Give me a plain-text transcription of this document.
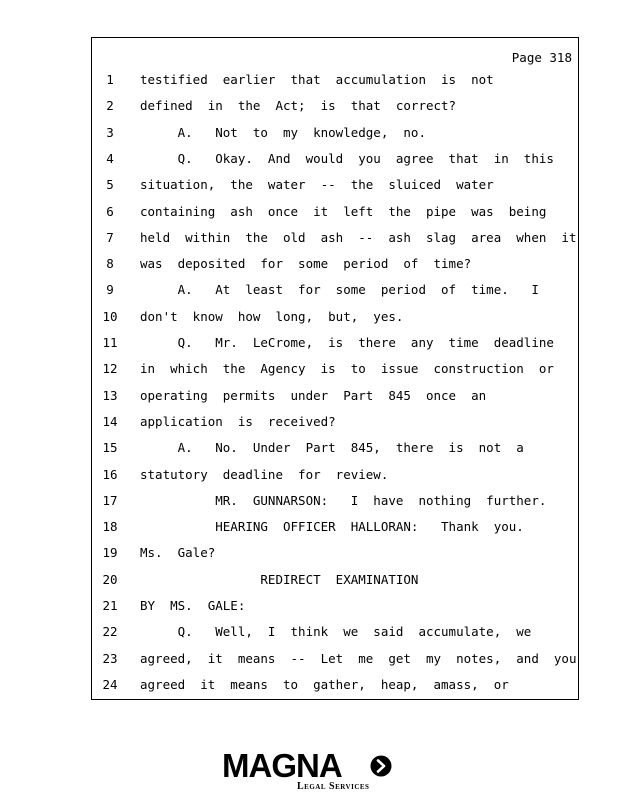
Page 318
1	testified  earlier  that  accumulation  is  not
2	defined  in  the  Act;  is  that  correct?
3	A.   Not  to  my  knowledge,  no.
4	Q.   Okay.  And  would  you  agree  that  in  this
5	situation,  the  water  --  the  sluiced  water
6	containing  ash  once  it  left  the  pipe  was  being
7	held  within  the  old  ash  --  ash  slag  area  when  it
8	was  deposited  for  some  period  of  time?
9	A.   At  least  for  some  period  of  time.   I
10	don't  know  how  long,  but,  yes.
11	Q.   Mr.  LeCrome,  is  there  any  time  deadline
12	in  which  the  Agency  is  to  issue  construction  or
13	operating  permits  under  Part  845  once  an
14	application  is  received?
15	A.   No.  Under  Part  845,  there  is  not  a
16	statutory  deadline  for  review.
17	MR.  GUNNARSON:   I  have  nothing  further.
18	HEARING  OFFICER  HALLORAN:   Thank  you.
19	Ms.  Gale?
20	REDIRECT  EXAMINATION
21	BY  MS.  GALE:
22	Q.   Well,  I  think  we  said  accumulate,  we
23	agreed,  it  means  --  Let  me  get  my  notes,  and  you
24	agreed  it  means  to  gather,  heap,  amass,  or
MAGNA
Legal Services
